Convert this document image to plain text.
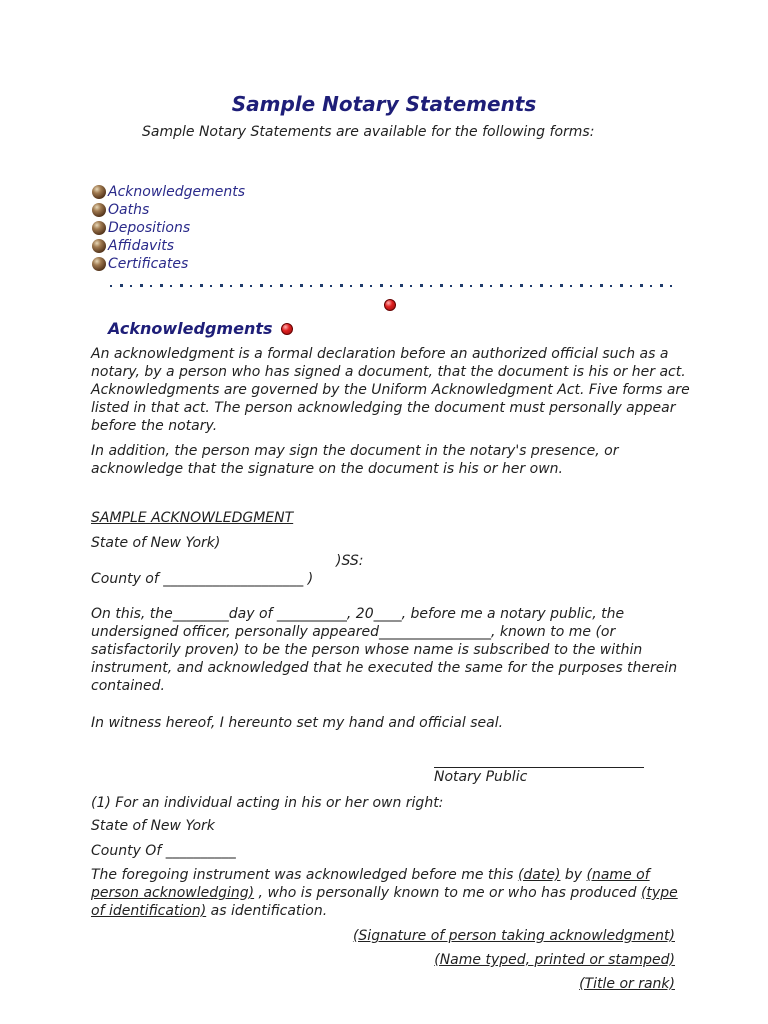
Sample Notary Statements
Sample Notary Statements are available for the following forms:
Acknowledgements
Oaths
Depositions
Affidavits
Certificates
Acknowledgments

An acknowledgment is a formal declaration before an authorized official such as a notary, by a person who has signed a document, that the document is his or her act. Acknowledgments are governed by the Uniform Acknowledgment Act. Five forms are listed in that act. The person acknowledging the document must personally appear before the notary.

In addition, the person may sign the document in the notary's presence, or acknowledge that the signature on the document is his or her own.

SAMPLE ACKNOWLEDGMENT

State of New York)

)SS:

County of ____________________ )

On this, the________day of __________, 20____, before me a notary public, the undersigned officer, personally appeared________________, known to me (or satisfactorily proven) to be the person whose name is subscribed to the within instrument, and acknowledged that he executed the same for the purposes therein contained.

In witness hereof, I hereunto set my hand and official seal.

Notary Public

(1) For an individual acting in his or her own right:

State of New York

County Of __________

The foregoing instrument was acknowledged before me this (date) by (name of person acknowledging) , who is personally known to me or who has produced (type of identification) as identification.

(Signature of person taking acknowledgment)

(Name typed, printed or stamped)

(Title or rank)
